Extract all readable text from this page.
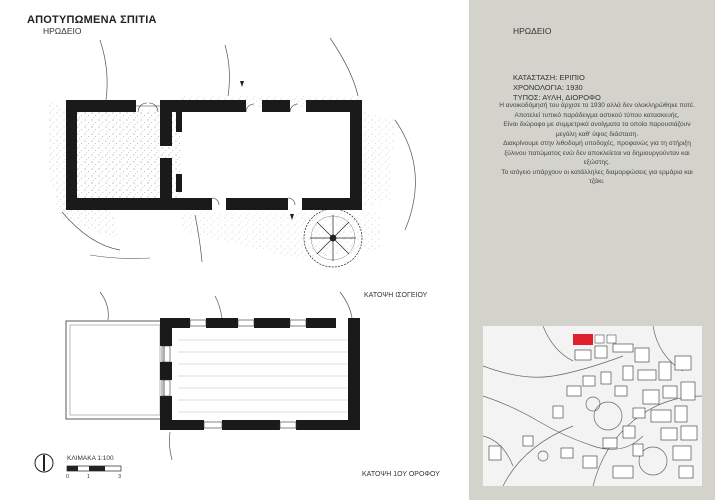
ΑΠΟΤΥΠΩΜΕΝΑ ΣΠΙΤΙΑ
ΗΡΩΔΕΙΟ
ΚΑΤΟΨΗ ΙΣΟΓΕΙΟΥ
ΚΑΤΟΨΗ 1ΟΥ ΟΡΟΦΟΥ
ΚΛΙΜΑΚΑ 1:100
0	1	3
ΗΡΩΔΕΙΟ
ΚΑΤΑΣΤΑΣΗ: ΕΡΙΠΙΟ
ΧΡΟΝΟΛΟΓΙΑ: 1930
ΤΥΠΟΣ: ΑΥΛΗ, ΔΙΟΡΟΦΟ

Η ανοικοδόμησή του άρχισε το 1930 αλλά δεν ολοκληρώθηκε ποτέ.

Αποτελεί τυπικό παράδειγμα αστικού τύπου κατασκευής.

Είναι διώροφο με συμμετρικά ανοίγματα τα οποία παρουσιάζουν μεγάλη καθ' ύψος διάσταση.

Διακρίνουμε στην λιθοδομή υποδοχές, προφανώς για τη στήριξη ξύλινου πατώματος ενώ δεν αποκλείεται να δημιουργούνταν και εξώστης.

Το ισόγειο υπάρχουν οι κατάλληλες διαμορφώσεις για ερμάρια και τζάκι.
